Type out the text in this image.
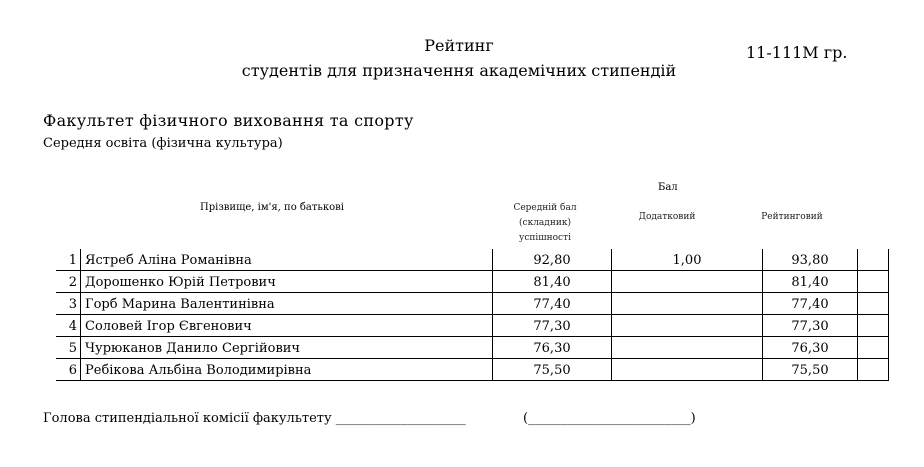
Рейтинг
студентів для призначення академічних стипендій
11-111М гр.
Факультет фізичного виховання та спорту
Середня освіта (фізична культура)
Бал
Прізвище, ім'я, по батькові	Середній бал
(складник)
успішності
Додатковий	Рейтинговий
1	Ястреб Аліна Романівна	92,80	1,00	93,80	
2	Дорошенко Юрій Петрович	81,40		81,40	
3	Горб Марина Валентинівна	77,40		77,40	
4	Соловей Ігор Євгенович	77,30		77,30	
5	Чурюканов Данило Сергійович	76,30		76,30	
6	Ребікова Альбіна Володимирівна	75,50		75,50	
Голова стипендіальної комісії факультету ____________________	(_________________________)
